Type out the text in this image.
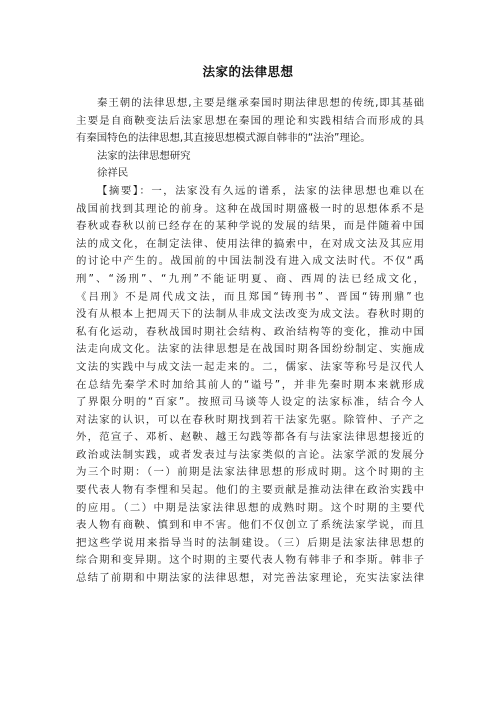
法家的法律思想
秦王朝的法律思想,主要是继承秦国时期法律思想的传统,即其基础
主要是自商鞅变法后法家思想在秦国的理论和实践相结合而形成的具
有秦国特色的法律思想,其直接思想模式源自韩非的“法治”理论。
法家的法律思想研究
徐祥民
【摘要】：一，法家没有久远的谱系，法家的法律思想也难以在
战国前找到其理论的前身。这种在战国时期盛极一时的思想体系不是
春秋或春秋以前已经存在的某种学说的发展的结果，而是伴随着中国
法的成文化，在制定法律、使用法律的搞索中，在对成文法及其应用
的讨论中产生的。战国前的中国法制没有进入成文法时代。不仅“禹
刑”、“汤刑”、“九刑”不能证明夏、商、西周的法已经成文化，
《吕刑》不是周代成文法，而且郑国“铸刑书”、晋国“铸刑鼎”也
没有从根本上把周天下的法制从非成文法改变为成文法。春秋时期的
私有化运动，春秋战国时期社会结构、政治结构等的变化，推动中国
法走向成文化。法家的法律思想是在战国时期各国纷纷制定、实施成
文法的实践中与成文法一起走来的。二，儒家、法家等称号是汉代人
在总结先秦学术时加给其前人的“谥号”，并非先秦时期本来就形成
了界限分明的“百家”。按照司马谈等人设定的法家标准，结合今人
对法家的认识，可以在春秋时期找到若干法家先驱。除管仲、子产之
外，范宣子、邓析、赵鞅、越王勾践等都各有与法家法律思想接近的
政治或法制实践，或者发表过与法家类似的言论。法家学派的发展分
为三个时期：（一）前期是法家法律思想的形成时期。这个时期的主
要代表人物有李悝和吴起。他们的主要贡献是推动法律在政治实践中
的应用。（二）中期是法家法律思想的成熟时期。这个时期的主要代
表人物有商鞅、慎到和申不害。他们不仅创立了系统法家学说，而且
把这些学说用来指导当时的法制建设。（三）后期是法家法律思想的
综合期和变异期。这个时期的主要代表人物有韩非子和李斯。韩非子
总结了前期和中期法家的法律思想，对完善法家理论，充实法家法律
